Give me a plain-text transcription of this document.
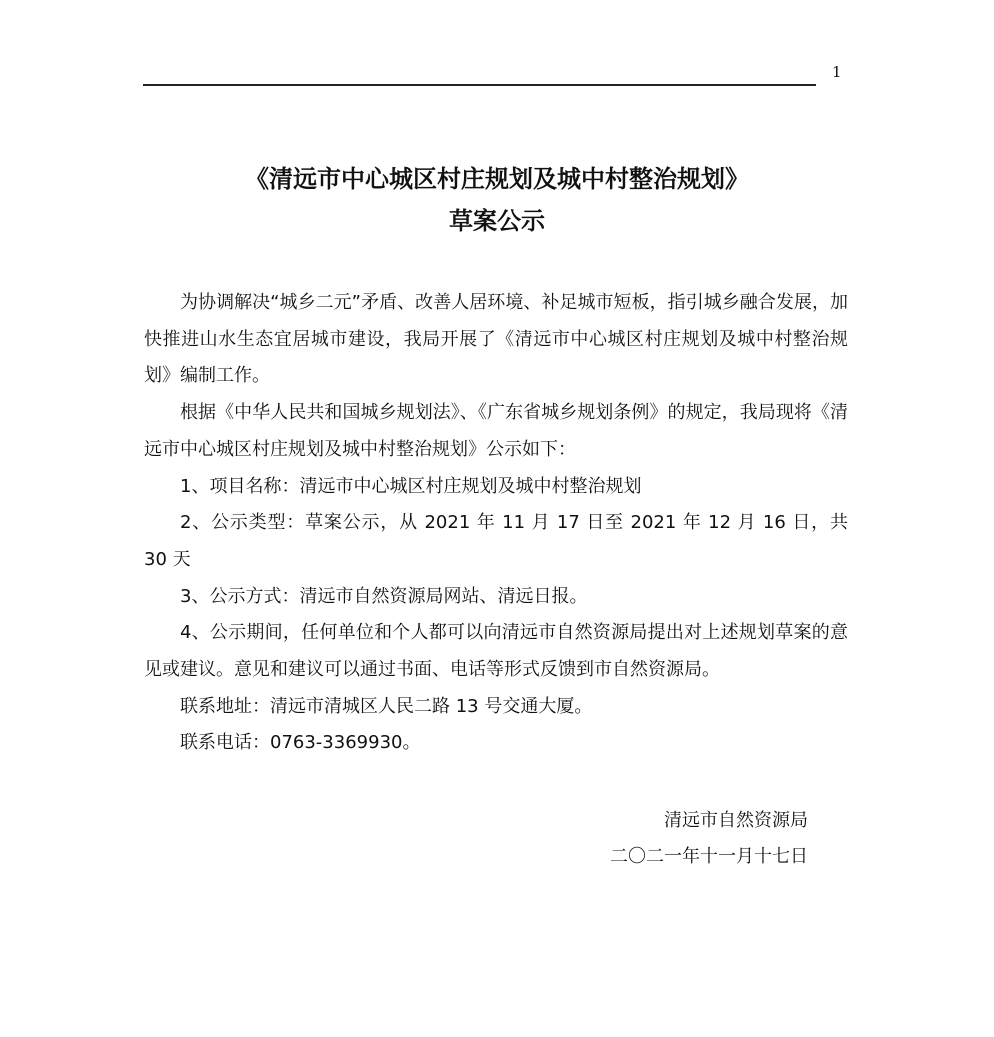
1
《清远市中心城区村庄规划及城中村整治规划》
草案公示

为协调解决“城乡二元”矛盾、改善人居环境、补足城市短板，指引城乡融合发展，加快推进山水生态宜居城市建设，我局开展了《清远市中心城区村庄规划及城中村整治规划》编制工作。

根据《中华人民共和国城乡规划法》、《广东省城乡规划条例》的规定，我局现将《清远市中心城区村庄规划及城中村整治规划》公示如下：

1、项目名称：清远市中心城区村庄规划及城中村整治规划

2、公示类型：草案公示，从 2021 年 11 月 17 日至 2021 年 12 月 16 日，共 30 天

3、公示方式：清远市自然资源局网站、清远日报。

4、公示期间，任何单位和个人都可以向清远市自然资源局提出对上述规划草案的意见或建议。意见和建议可以通过书面、电话等形式反馈到市自然资源局。

联系地址：清远市清城区人民二路 13 号交通大厦。

联系电话：0763-3369930。

清远市自然资源局
二〇二一年十一月十七日
